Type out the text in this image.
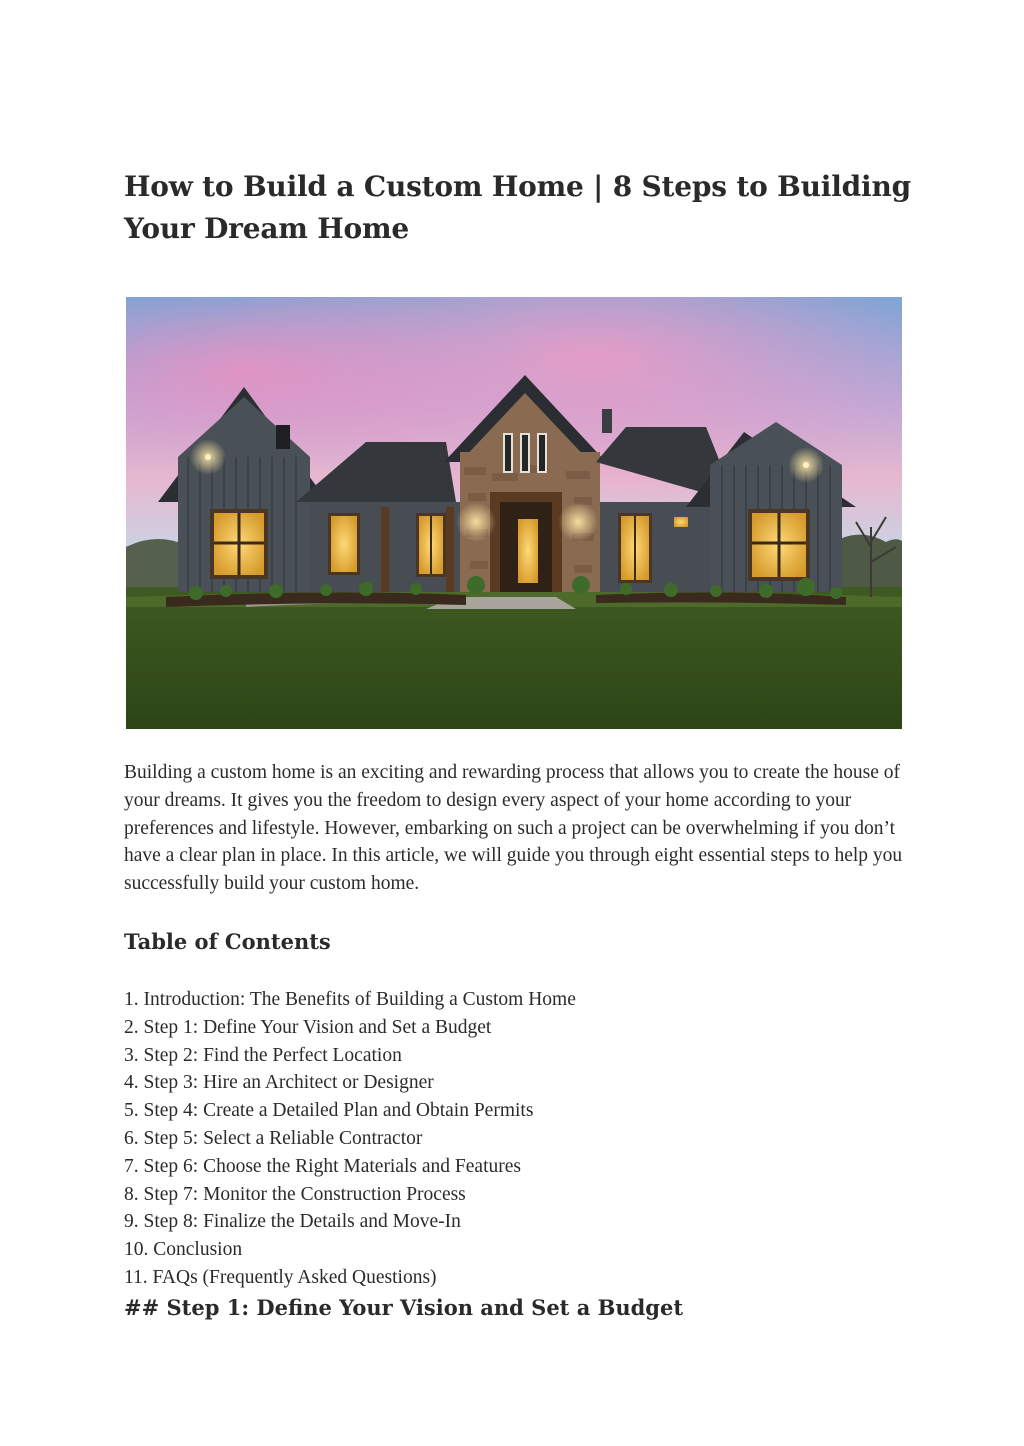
How to Build a Custom Home | 8 Steps to Building Your Dream Home

Building a custom home is an exciting and rewarding process that allows you to create the house of your dreams. It gives you the freedom to design every aspect of your home according to your preferences and lifestyle. However, embarking on such a project can be overwhelming if you don’t have a clear plan in place. In this article, we will guide you through eight essential steps to help you successfully build your custom home.

Table of Contents
1. Introduction: The Benefits of Building a Custom Home
2. Step 1: Define Your Vision and Set a Budget
3. Step 2: Find the Perfect Location
4. Step 3: Hire an Architect or Designer
5. Step 4: Create a Detailed Plan and Obtain Permits
6. Step 5: Select a Reliable Contractor
7. Step 6: Choose the Right Materials and Features
8. Step 7: Monitor the Construction Process
9. Step 8: Finalize the Details and Move-In
10. Conclusion
11. FAQs (Frequently Asked Questions)
## Step 1: Define Your Vision and Set a Budget
